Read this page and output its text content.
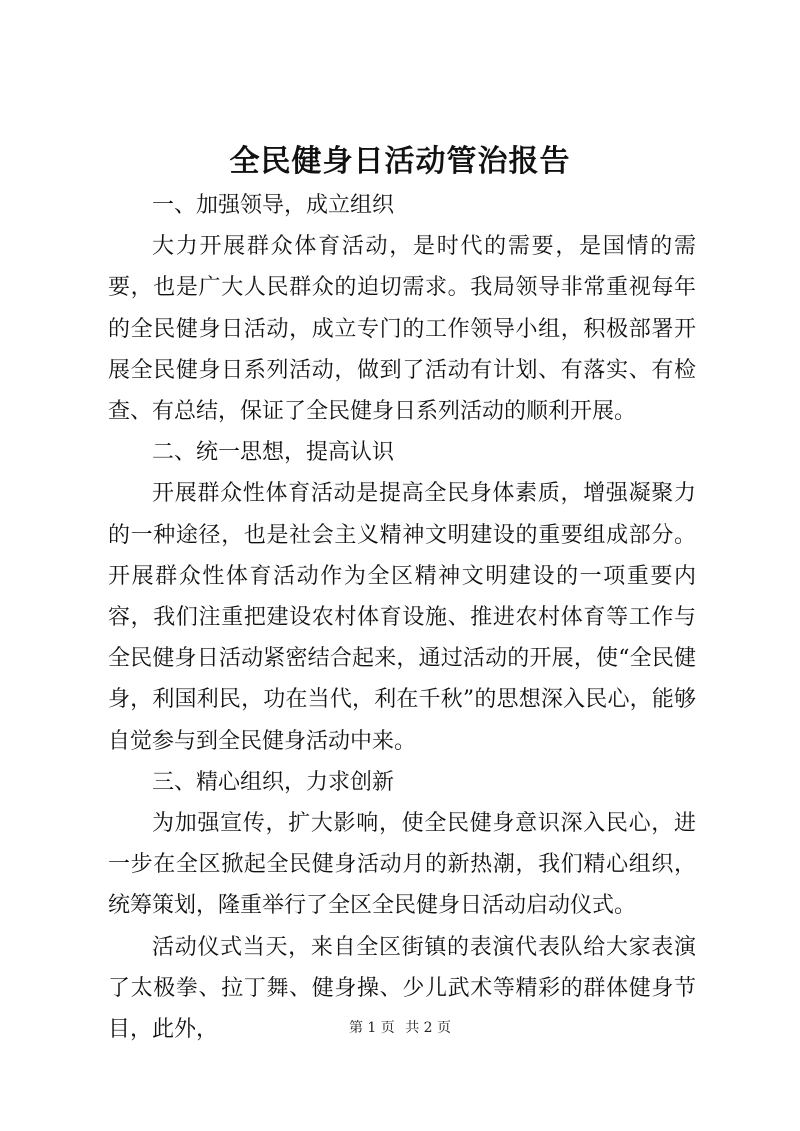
全民健身日活动管治报告

一、加强领导，成立组织

大力开展群众体育活动，是时代的需要，是国情的需要，也是广大人民群众的迫切需求。我局领导非常重视每年的全民健身日活动，成立专门的工作领导小组，积极部署开展全民健身日系列活动，做到了活动有计划、有落实、有检查、有总结，保证了全民健身日系列活动的顺利开展。

二、统一思想，提高认识

开展群众性体育活动是提高全民身体素质，增强凝聚力的一种途径，也是社会主义精神文明建设的重要组成部分。开展群众性体育活动作为全区精神文明建设的一项重要内容，我们注重把建设农村体育设施、推进农村体育等工作与全民健身日活动紧密结合起来，通过活动的开展，使“全民健身，利国利民，功在当代，利在千秋”的思想深入民心，能够自觉参与到全民健身活动中来。

三、精心组织，力求创新

为加强宣传，扩大影响，使全民健身意识深入民心，进一步在全区掀起全民健身活动月的新热潮，我们精心组织，统筹策划，隆重举行了全区全民健身日活动启动仪式。

活动仪式当天，来自全区街镇的表演代表队给大家表演了太极拳、拉丁舞、健身操、少儿武术等精彩的群体健身节目，此外，	第 1 页 共 2 页
